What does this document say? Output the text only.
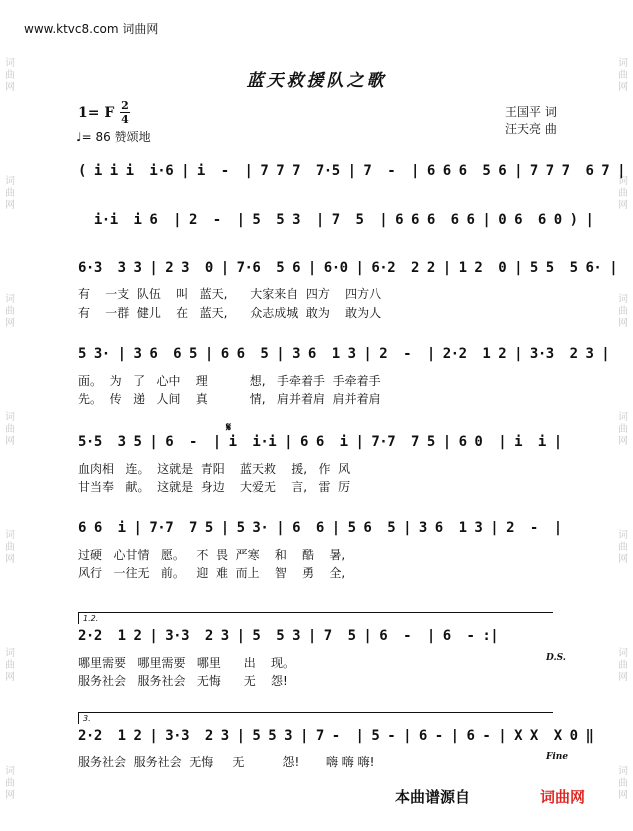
词
曲
网
词
曲
网
词
曲
网
词
曲
网
词
曲
网
词
曲
网
词
曲
网
词
曲
网
词
曲
网
词
曲
网
词
曲
网
词
曲
网
词
曲
网
词
曲
网
www.ktvc8.com 词曲网
蓝天救援队之歌
1= F 2
4
♩= 86 赞颂地
王国平 词
汪天亮 曲
( i i i  i·6 | i  -  | 7 7 7  7·5 | 7  -  | 6 6 6  5 6 | 7 7 7  6 7 |
i·i  i 6  | 2  -  | 5  5 3  | 7  5  | 6 6 6  6 6 | 0 6  6 0 ) |
6·3  3 3 | 2 3  0 | 7·6  5 6 | 6·0 | 6·2  2 2 | 1 2  0 | 5 5  5 6· |
有    一支  队伍    叫   蓝天,      大家来自  四方    四方八
有    一群  健儿    在   蓝天,      众志成城  敢为    敢为人
5 3· | 3 6  6 5 | 6 6  5 | 3 6  1 3 | 2  -  | 2·2  1 2 | 3·3  2 3 |
面。  为   了   心中    理           想,   手牵着手  手牵着手
先。  传   递   人间    真           情,   肩并着肩  肩并着肩
𝄋
5·5  3 5 | 6  -  | i  i·i | 6 6  i | 7·7  7 5 | 6 0  | i  i |
血肉相   连。  这就是  青阳    蓝天救    援,   作  风
甘当奉   献。  这就是  身边    大爱无    言,   雷  厉
6 6  i | 7·7  7 5 | 5 3· | 6  6 | 5 6  5 | 3 6  1 3 | 2  -  |
过硬   心甘情   愿。   不  畏  严寒    和    酷    暑,
风行   一往无   前。   迎  难  而上    智    勇    全,
1.2.
2·2  1 2 | 3·3  2 3 | 5  5 3 | 7  5 | 6  -  | 6  - :|
哪里需要   哪里需要   哪里      出    现。
服务社会   服务社会   无悔      无    怨!
D.S.
3.
2·2  1 2 | 3·3  2 3 | 5 5 3 | 7 -  | 5 - | 6 - | 6 - | X X  X 0 ‖
服务社会  服务社会  无悔     无          怨!       嗨 嗨 嗨!	Fine
本曲谱源自	词曲网
